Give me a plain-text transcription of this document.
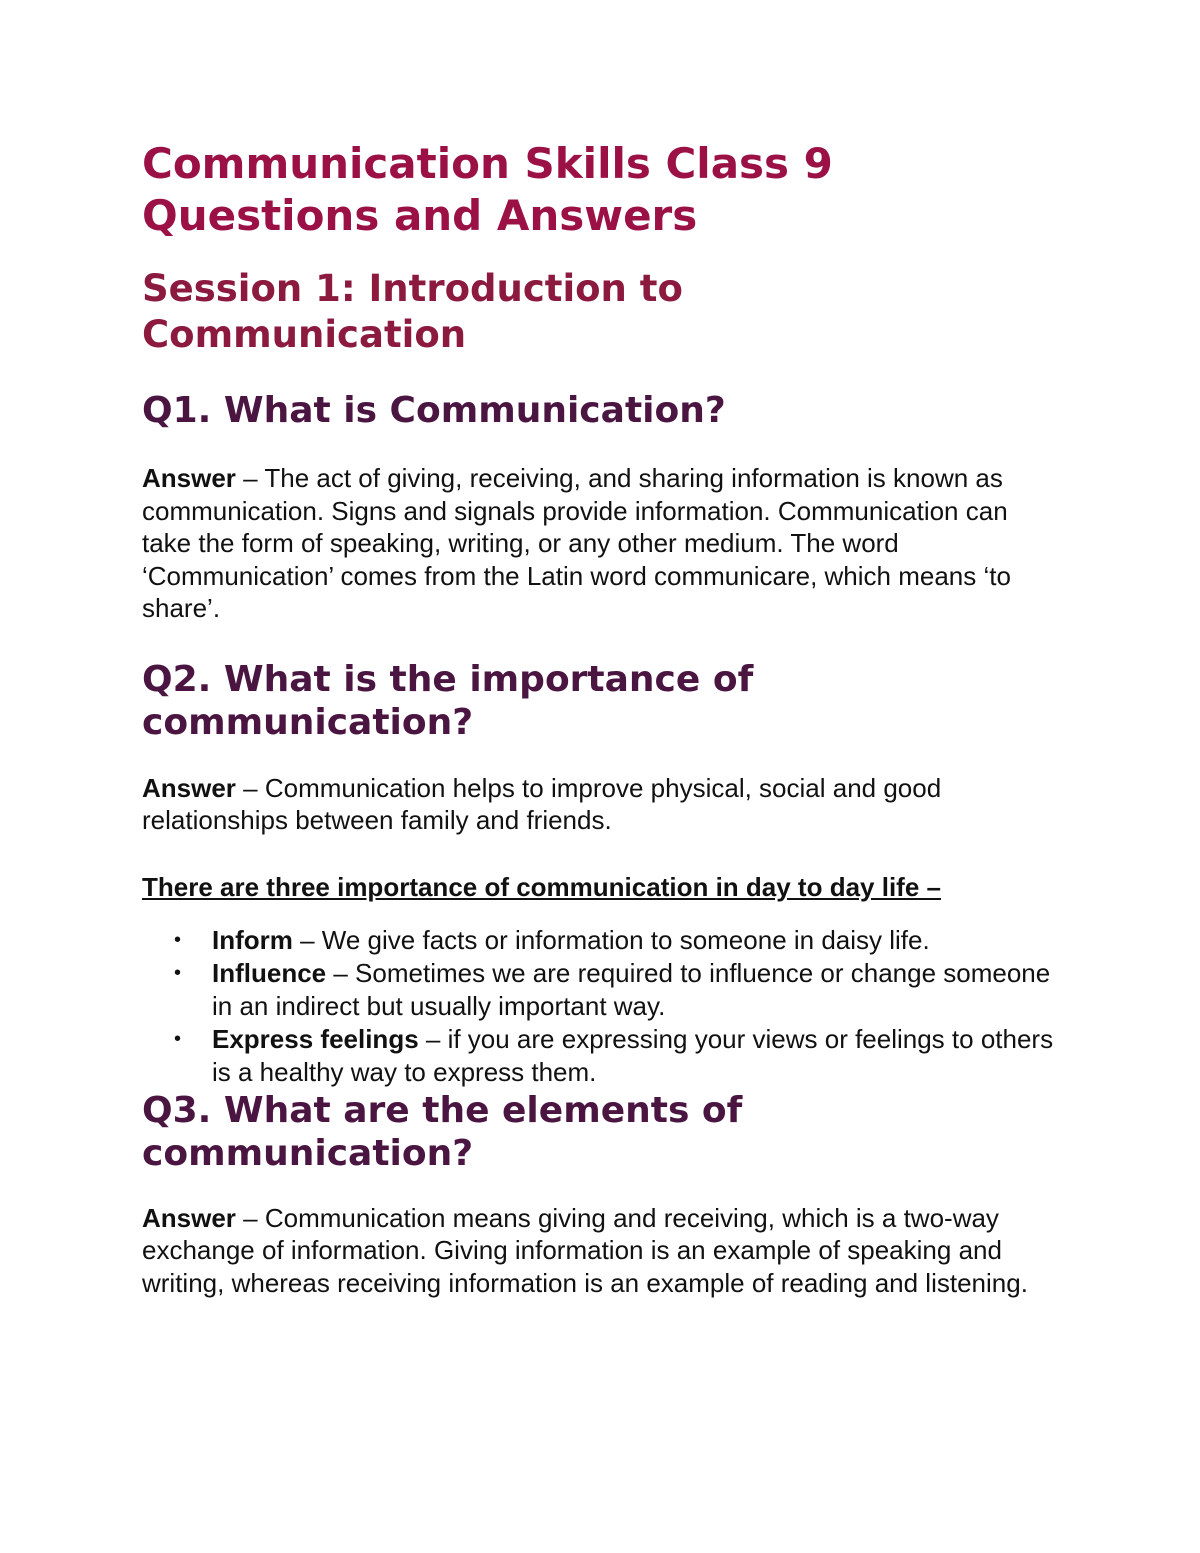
Communication Skills Class 9
Questions and Answers
Session 1: Introduction to
Communication
Q1. What is Communication?

Answer – The act of giving, receiving, and sharing information is known as communication. Signs and signals provide information. Communication can take the form of speaking, writing, or any other medium. The word ‘Communication’ comes from the Latin word communicare, which means ‘to share’.

Q2. What is the importance of
communication?

Answer – Communication helps to improve physical, social and good relationships between family and friends.

There are three importance of communication in day to day life –

• Inform – We give facts or information to someone in daisy life.
• Influence – Sometimes we are required to influence or change someone in an indirect but usually important way.
• Express feelings – if you are expressing your views or feelings to others is a healthy way to express them.
Q3. What are the elements of
communication?

Answer – Communication means giving and receiving, which is a two-way exchange of information. Giving information is an example of speaking and writing, whereas receiving information is an example of reading and listening.
